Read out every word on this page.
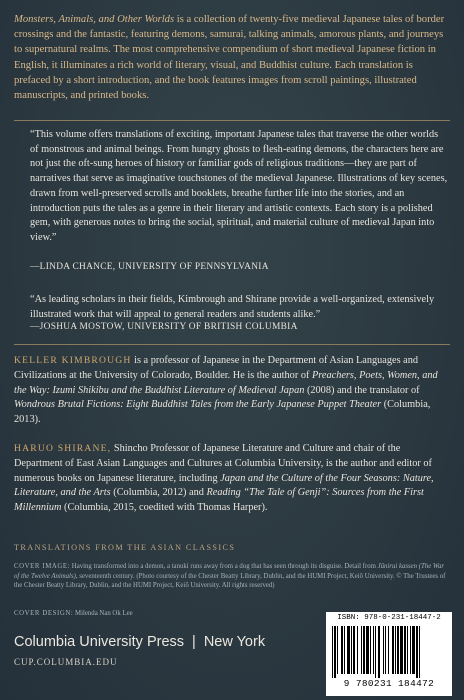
Monsters, Animals, and Other Worlds is a collection of twenty-five medieval Japanese tales of border crossings and the fantastic, featuring demons, samurai, talking animals, amorous plants, and journeys to supernatural realms. The most comprehensive compendium of short medieval Japanese fiction in English, it illuminates a rich world of literary, visual, and Buddhist culture. Each translation is prefaced by a short introduction, and the book features images from scroll paintings, illustrated manuscripts, and printed books.

“This volume offers translations of exciting, important Japanese tales that traverse the other worlds of monstrous and animal beings. From hungry ghosts to flesh-eating demons, the characters here are not just the oft-sung heroes of history or familiar gods of religious traditions—they are part of narratives that serve as imaginative touchstones of the medieval Japanese. Illustrations of key scenes, drawn from well-preserved scrolls and booklets, breathe further life into the stories, and an introduction puts the tales as a genre in their literary and artistic contexts. Each story is a polished gem, with generous notes to bring the social, spiritual, and material culture of medieval Japan into view.”

—LINDA CHANCE, UNIVERSITY OF PENNSYLVANIA

“As leading scholars in their fields, Kimbrough and Shirane provide a well-organized, extensively illustrated work that will appeal to general readers and students alike.”

—JOSHUA MOSTOW, UNIVERSITY OF BRITISH COLUMBIA

KELLER KIMBROUGH is a professor of Japanese in the Department of Asian Languages and Civilizations at the University of Colorado, Boulder. He is the author of Preachers, Poets, Women, and the Way: Izumi Shikibu and the Buddhist Literature of Medieval Japan (2008) and the translator of Wondrous Brutal Fictions: Eight Buddhist Tales from the Early Japanese Puppet Theater (Columbia, 2013).

HARUO SHIRANE, Shincho Professor of Japanese Literature and Culture and chair of the Department of East Asian Languages and Cultures at Columbia University, is the author and editor of numerous books on Japanese literature, including Japan and the Culture of the Four Seasons: Nature, Literature, and the Arts (Columbia, 2012) and Reading “The Tale of Genji”: Sources from the First Millennium (Columbia, 2015, coedited with Thomas Harper).

TRANSLATIONS FROM THE ASIAN CLASSICS

COVER IMAGE: Having transformed into a demon, a tanuki runs away from a dog that has seen through its disguise. Detail from Jūnirui kassen (The War of the Twelve Animals), seventeenth century. (Photo courtesy of the Chester Beatty Library, Dublin, and the HUMI Project, Keiō University. © The Trustees of the Chester Beatty Library, Dublin, and the HUMI Project, Keiō University. All rights reserved)

COVER DESIGN: Milenda Nan Ok Lee

Columbia University Press | New York
CUP.COLUMBIA.EDU
ISBN: 978-0-231-18447-2
9 780231 184472
